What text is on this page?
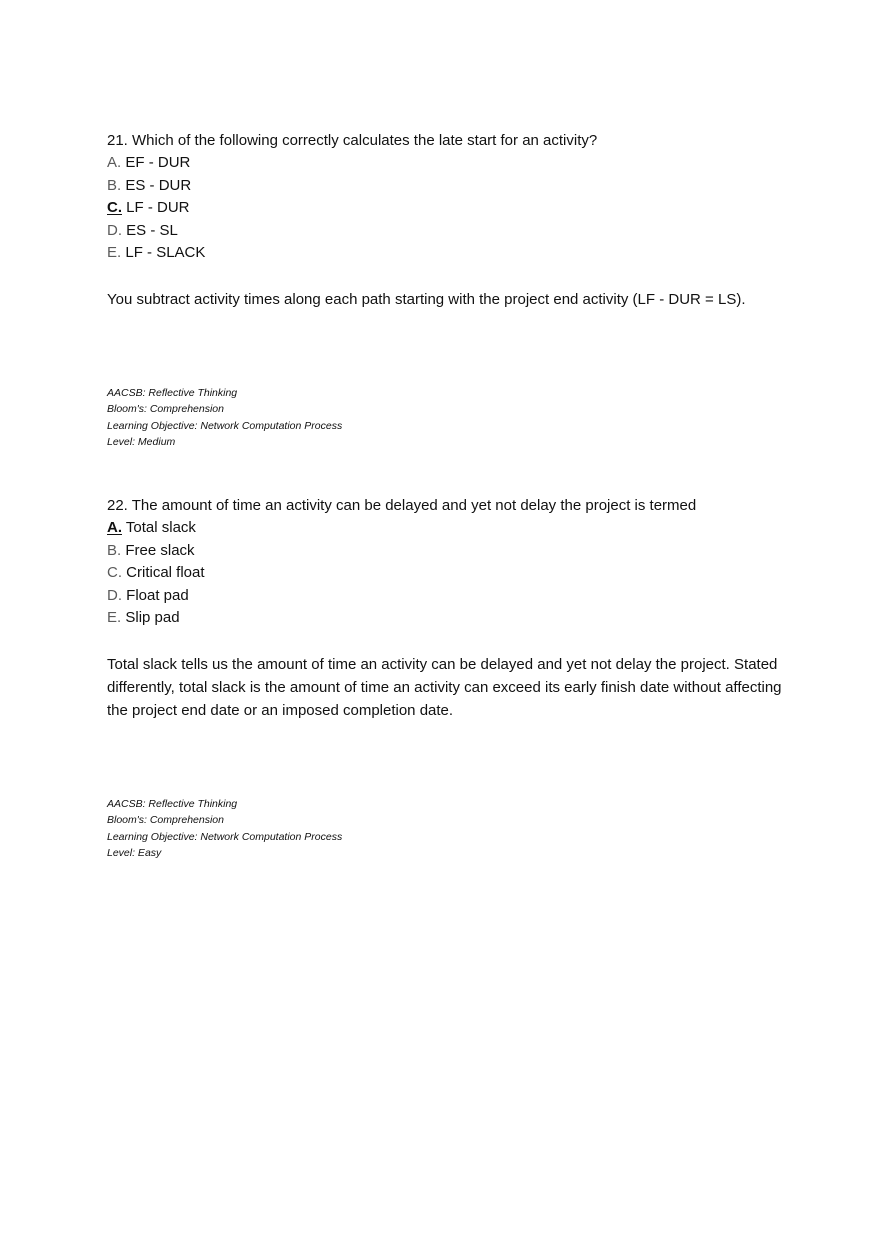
21. Which of the following correctly calculates the late start for an activity?

A. EF - DUR
B. ES - DUR
C. LF - DUR
D. ES - SL
E. LF - SLACK

You subtract activity times along each path starting with the project end activity (LF - DUR = LS).

AACSB: Reflective Thinking
Bloom's: Comprehension
Learning Objective: Network Computation Process
Level: Medium

22. The amount of time an activity can be delayed and yet not delay the project is termed

A. Total slack
B. Free slack
C. Critical float
D. Float pad
E. Slip pad

Total slack tells us the amount of time an activity can be delayed and yet not delay the project. Stated differently, total slack is the amount of time an activity can exceed its early finish date without affecting the project end date or an imposed completion date.

AACSB: Reflective Thinking
Bloom's: Comprehension
Learning Objective: Network Computation Process
Level: Easy
